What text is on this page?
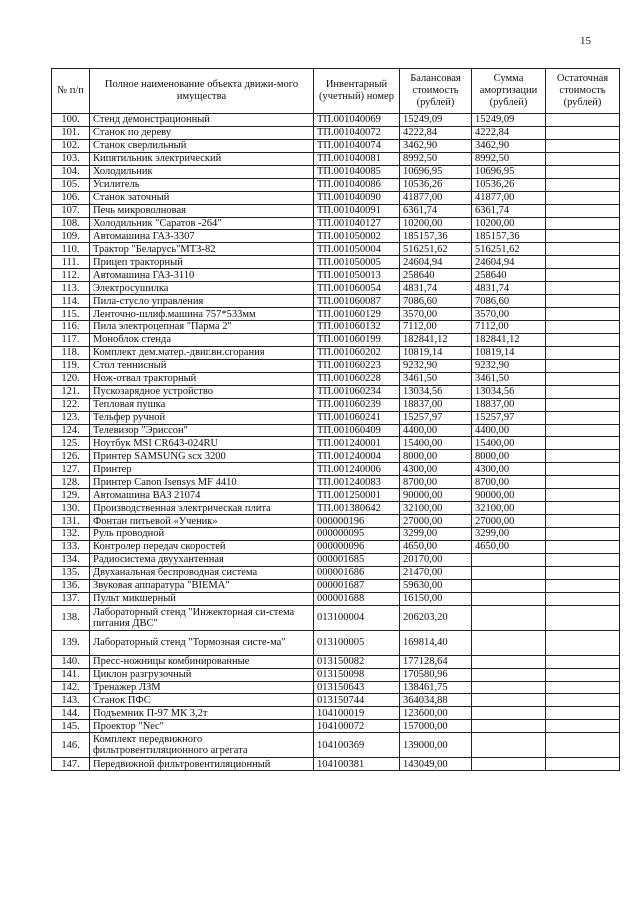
15
№ п/п	Полное наименование объекта движи-мого имущества	Инвентарный (учетный) номер	Балансовая стоимость (рублей)	Сумма амортизации (рублей)	Остаточная стоимость (рублей)
100.	Стенд демонстрационный	ТП.001040069	15249,09	15249,09	
101.	Станок по дереву	ТП.001040072	4222,84	4222,84	
102.	Станок сверлильный	ТП.001040074	3462,90	3462,90	
103.	Кипятильник электрический	ТП.001040081	8992,50	8992,50	
104.	Холодильник	ТП.001040085	10696,95	10696,95	
105.	Усилитель	ТП.001040086	10536,26	10536,26	
106.	Станок заточный	ТП.001040090	41877,00	41877,00	
107.	Печь микроволновая	ТП.001040091	6361,74	6361,74	
108.	Холодильник "Саратов -264"	ТП.001040127	10200,00	10200,00	
109.	Автомашина ГАЗ-3307	ТП.001050002	185157,36	185157,36	
110.	Трактор "Беларусь"МТЗ-82	ТП.001050004	516251,62	516251,62	
111.	Прицеп тракторный	ТП.001050005	24604,94	24604,94	
112.	Автомашина ГАЗ-3110	ТП.001050013	258640	258640	
113.	Электросушилка	ТП.001060054	4831,74	4831,74	
114.	Пила-стусло управления	ТП.001060087	7086,60	7086,60	
115.	Ленточно-шлиф.машина 757*533мм	ТП.001060129	3570,00	3570,00	
116.	Пила электроцепная "Парма 2"	ТП.001060132	7112,00	7112,00	
117.	Моноблок стенда	ТП.001060199	182841,12	182841,12	
118.	Комплект дем.матер.-двиг.вн.сгорания	ТП.001060202	10819,14	10819,14	
119.	Стол теннисный	ТП.001060223	9232,90	9232,90	
120.	Нож-отвал тракторный	ТП.001060228	3461,50	3461,50	
121.	Пускозарядное устройство	ТП.001060234	13034,56	13034,56	
122.	Тепловая пушка	ТП.001060239	18837,00	18837,00	
123.	Тельфер ручной	ТП.001060241	15257,97	15257,97	
124.	Телевизор "Эриссон"	ТП.001060409	4400,00	4400,00	
125.	Ноутбук MSI CR643-024RU	ТП.001240001	15400,00	15400,00	
126.	Принтер SAMSUNG scx 3200	ТП.001240004	8000,00	8000,00	
127.	Принтер	ТП.001240006	4300,00	4300,00	
128.	Принтер Canon Isensys MF 4410	ТП.001240083	8700,00	8700,00	
129.	Автомашина ВАЗ 21074	ТП.001250001	90000,00	90000,00	
130.	Производственная электрическая плита	ТП.001380642	32100,00	32100,00	
131.	Фонтан питьевой «Ученик»	000000196	27000,00	27000,00	
132.	Руль проводной	000000095	3299,00	3299,00	
133.	Контролер передач скоростей	000000096	4650,00	4650,00	
134.	Радиосистема двуухантенная	000001685	20170,00		
135.	Двуханальная беспроводная система	000001686	21470,00		
136.	Звуковая аппаратура "BIEMA"	000001687	59630,00		
137.	Пульт микшерный	000001688	16150,00		
138.	Лабораторный стенд "Инжекторная си-стема питания ДВС"	013100004	206203,20		
139.	Лабораторный стенд "Тормозная систе-ма"	013100005	169814,40		
140.	Пресс-ножницы комбинированные	013150082	177128,64		
141.	Циклон разгрузочный	013150098	170580,96		
142.	Тренажер ЛЗМ	013150643	138461,75		
143.	Станок ПФС	013150744	364034,88		
144.	Подъемник П-97 МК 3,2т	104100019	123600,00		
145.	Проектор "Nec"	104100072	157000,00		
146.	Комплект передвижного фильтровентиляционного агрегата	104100369	139000,00		
147.	Передвижной фильтровентиляционный	104100381	143049,00		
